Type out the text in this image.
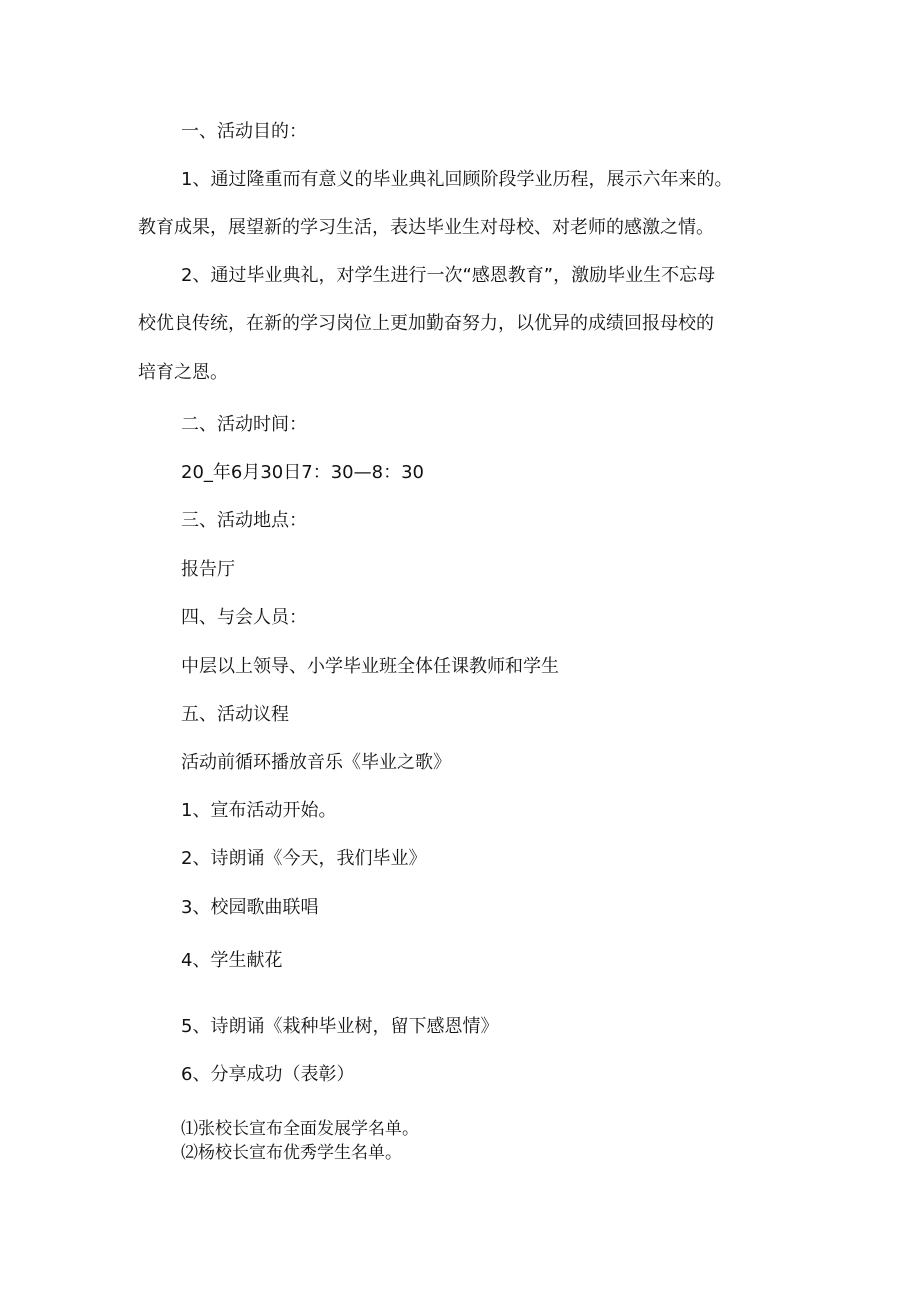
一、活动目的：
1、通过隆重而有意义的毕业典礼回顾阶段学业历程，展示六年来的。
教育成果，展望新的学习生活，表达毕业生对母校、对老师的感激之情。
2、通过毕业典礼，对学生进行一次“感恩教育”，激励毕业生不忘母
校优良传统，在新的学习岗位上更加勤奋努力，以优异的成绩回报母校的
培育之恩。
二、活动时间：
20_年6月30日7：30—8：30
三、活动地点：
报告厅
四、与会人员：
中层以上领导、小学毕业班全体任课教师和学生
五、活动议程
活动前循环播放音乐《毕业之歌》
1、宣布活动开始。
2、诗朗诵《今天，我们毕业》
3、校园歌曲联唱
4、学生献花
5、诗朗诵《栽种毕业树，留下感恩情》
6、分享成功（表彰）
⑴张校长宣布全面发展学名单。
⑵杨校长宣布优秀学生名单。
